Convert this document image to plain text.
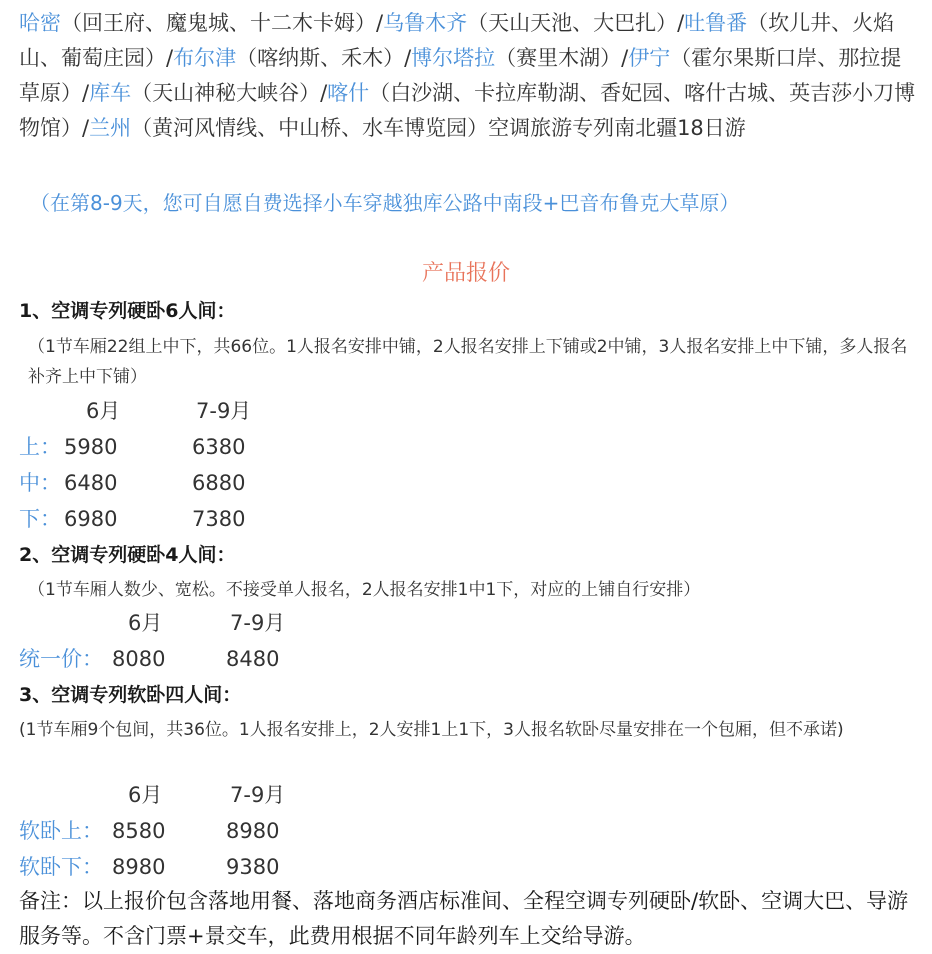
哈密（回王府、魔鬼城、十二木卡姆）/乌鲁木齐（天山天池、大巴扎）/吐鲁番（坎儿井、火焰山、葡萄庄园）/布尔津（喀纳斯、禾木）/博尔塔拉（赛里木湖）/伊宁（霍尔果斯口岸、那拉提草原）/库车（天山神秘大峡谷）/喀什（白沙湖、卡拉库勒湖、香妃园、喀什古城、英吉莎小刀博物馆）/兰州（黄河风情线、中山桥、水车博览园）空调旅游专列南北疆18日游
（在第8-9天，您可自愿自费选择小车穿越独库公路中南段+巴音布鲁克大草原）
产品报价
1、空调专列硬卧6人间：
（1节车厢22组上中下，共66位。1人报名安排中铺，2人报名安排上下铺或2中铺，3人报名安排上中下铺，多人报名补齐上中下铺）
6月	7-9月
上： 5980	6380
中： 6480	6880
下： 6980	7380
2、空调专列硬卧4人间：
（1节车厢人数少、宽松。不接受单人报名，2人报名安排1中1下，对应的上铺自行安排）
6月	7-9月
统一价： 8080	8480
3、空调专列软卧四人间：
(1节车厢9个包间，共36位。1人报名安排上，2人安排1上1下，3人报名软卧尽量安排在一个包厢，但不承诺)
6月	7-9月
软卧上： 8580	8980
软卧下： 8980	9380
备注：以上报价包含落地用餐、落地商务酒店标准间、全程空调专列硬卧/软卧、空调大巴、导游服务等。不含门票+景交车，此费用根据不同年龄列车上交给导游。
